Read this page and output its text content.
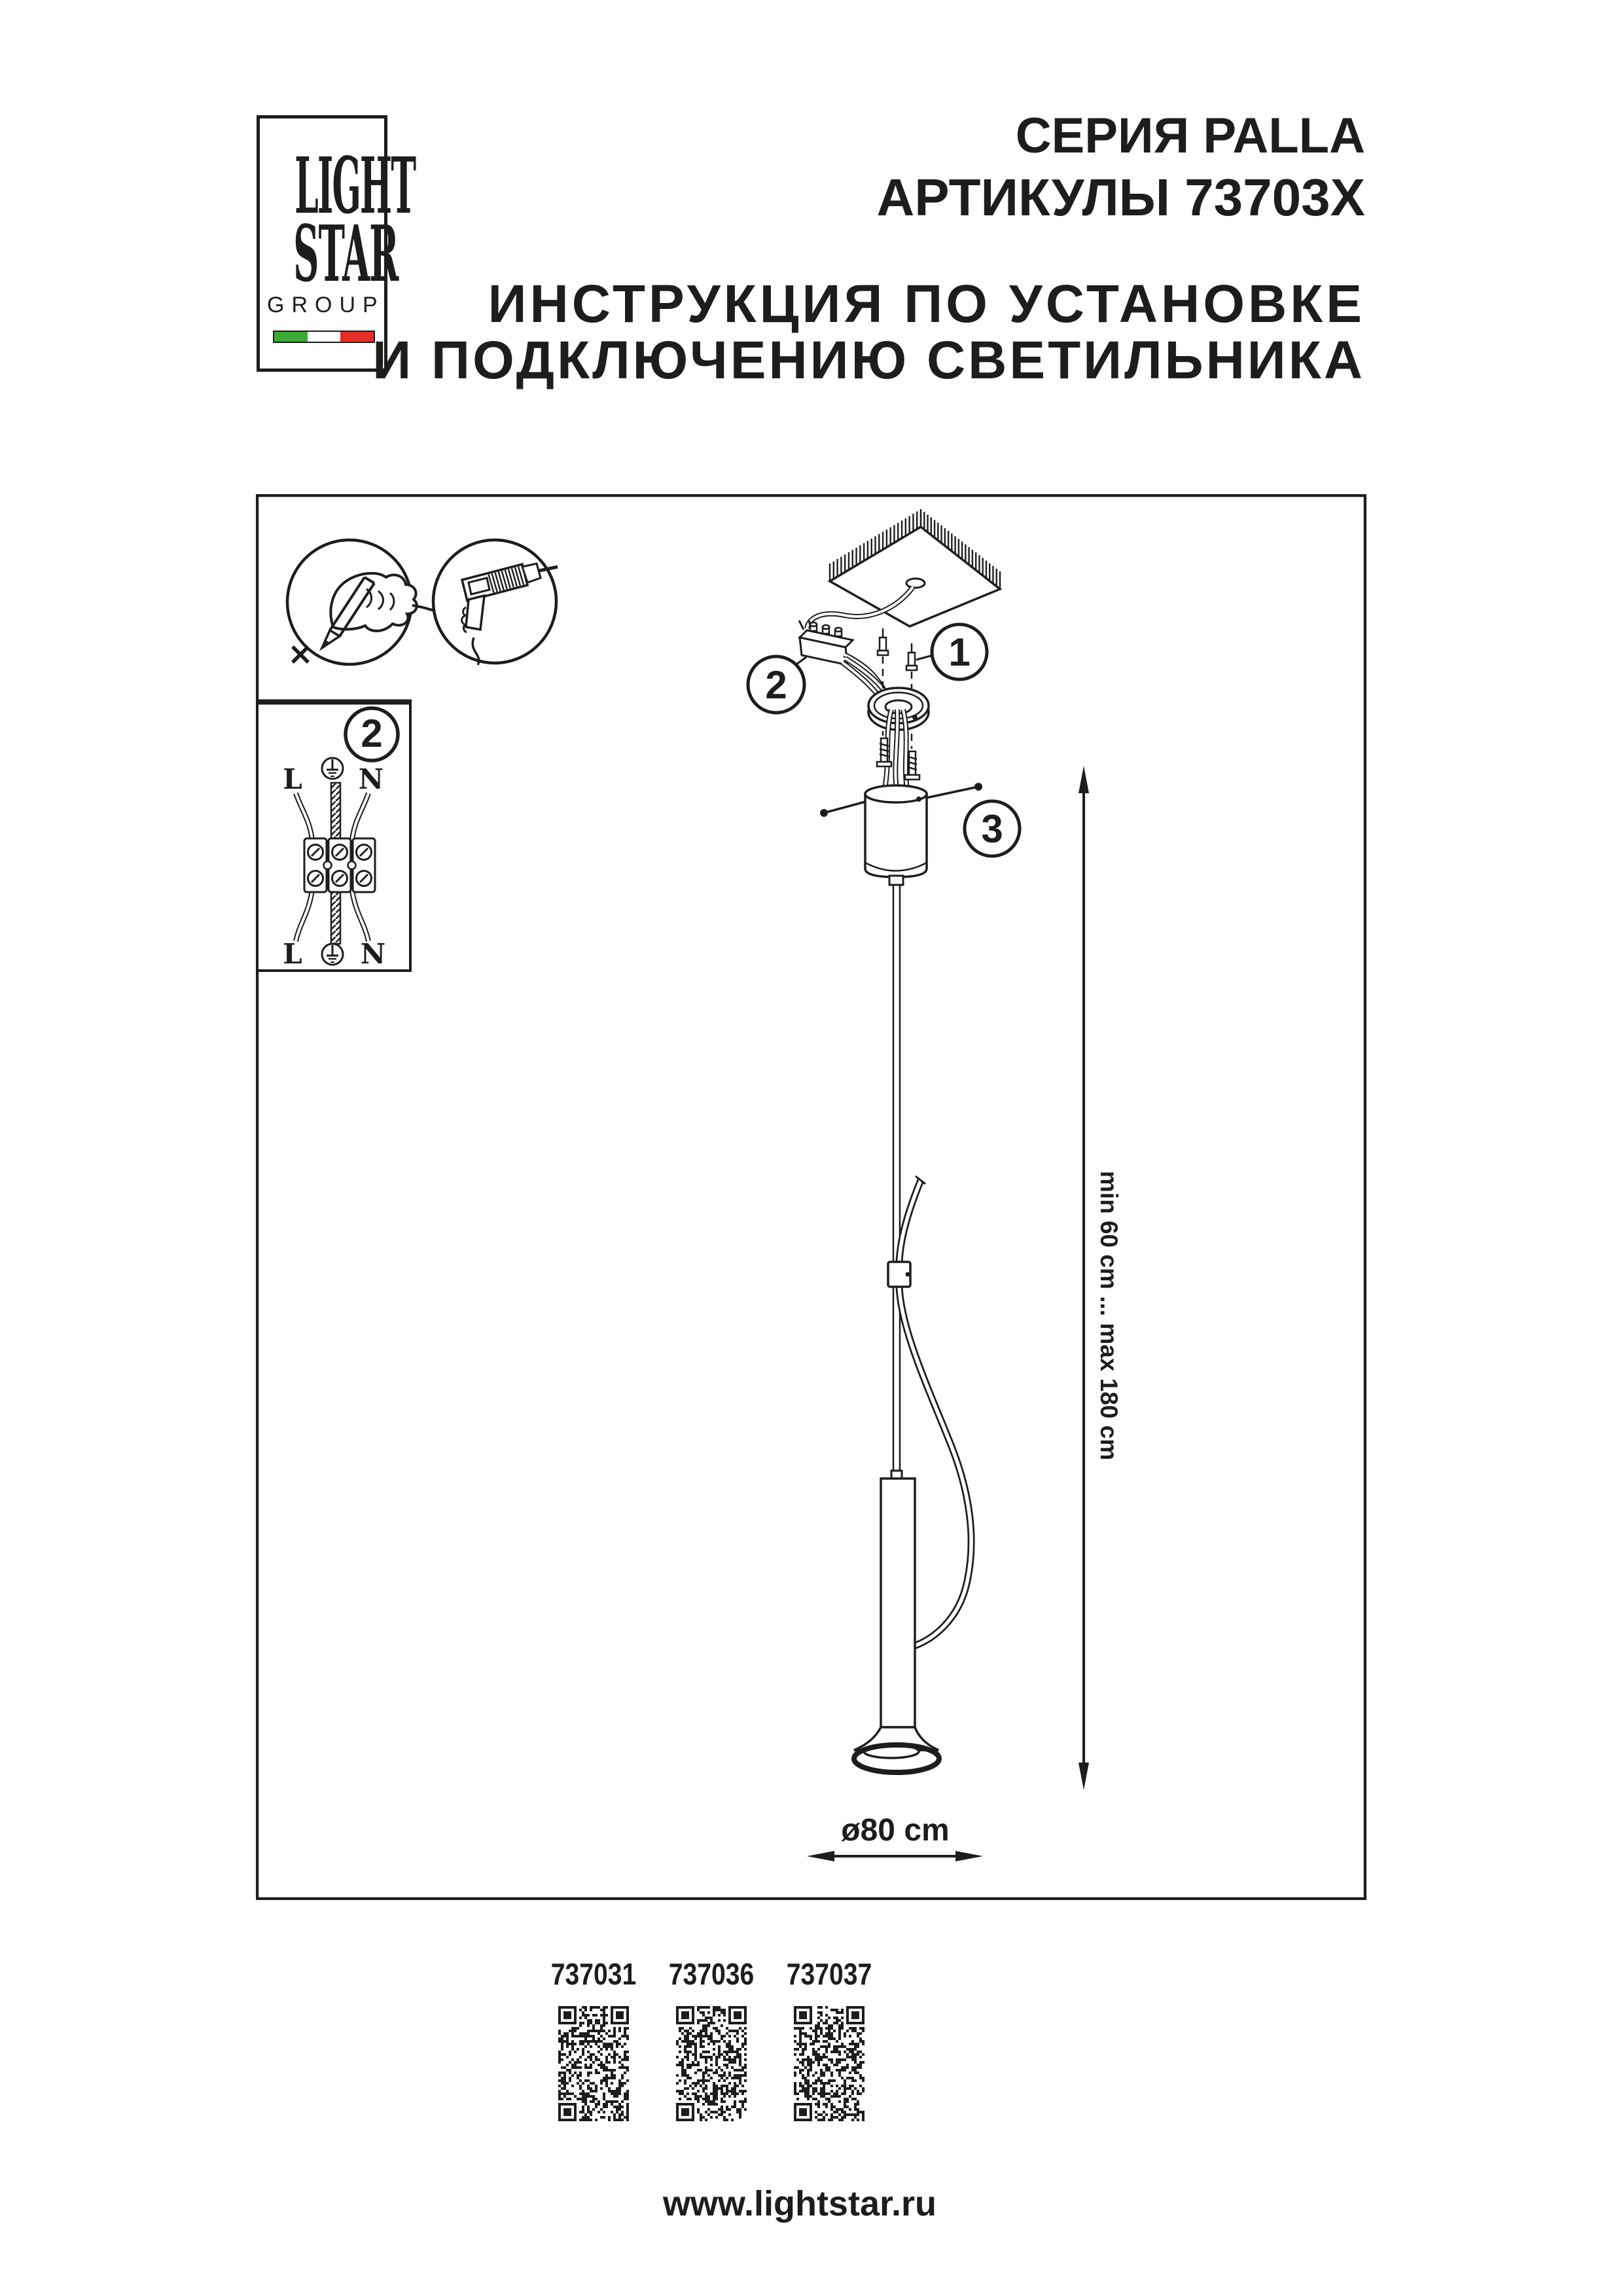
LIGHT
STAR
GROUP
СЕРИЯ PALLA
АРТИКУЛЫ 73703X
ИНСТРУКЦИЯ ПО УСТАНОВКЕ
И ПОДКЛЮЧЕНИЮ СВЕТИЛЬНИКА
2
L N
L N
1
2
3
min 60 cm ... max 180 cm
ø80 cm
737031 737036 737037
www.lightstar.ru
